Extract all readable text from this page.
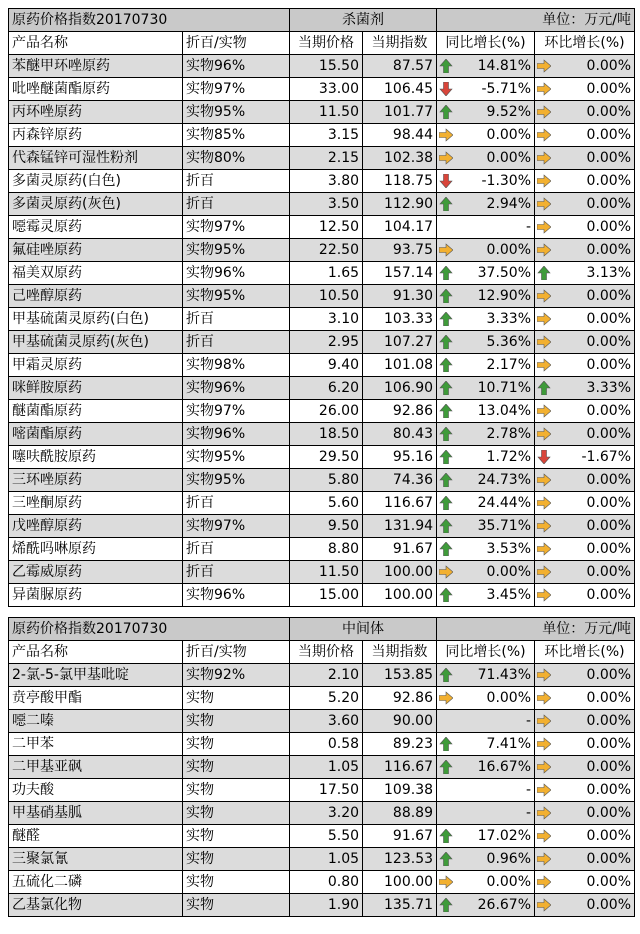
原药价格指数20170730		杀菌剂		单位：万元/吨	
产品名称	折百/实物	当期价格	当期指数	同比增长(%)	环比增长(%)
苯醚甲环唑原药	实物96%	15.50	87.57	14.81%	0.00%
吡唑醚菌酯原药	实物97%	33.00	106.45	-5.71%	0.00%
丙环唑原药	实物95%	11.50	101.77	9.52%	0.00%
丙森锌原药	实物85%	3.15	98.44	0.00%	0.00%
代森锰锌可湿性粉剂	实物80%	2.15	102.38	0.00%	0.00%
多菌灵原药(白色)	折百	3.80	118.75	-1.30%	0.00%
多菌灵原药(灰色)	折百	3.50	112.90	2.94%	0.00%
噁霉灵原药	实物97%	12.50	104.17	-	0.00%
氟硅唑原药	实物95%	22.50	93.75	0.00%	0.00%
福美双原药	实物96%	1.65	157.14	37.50%	3.13%
己唑醇原药	实物95%	10.50	91.30	12.90%	0.00%
甲基硫菌灵原药(白色)	折百	3.10	103.33	3.33%	0.00%
甲基硫菌灵原药(灰色)	折百	2.95	107.27	5.36%	0.00%
甲霜灵原药	实物98%	9.40	101.08	2.17%	0.00%
咪鲜胺原药	实物96%	6.20	106.90	10.71%	3.33%
醚菌酯原药	实物97%	26.00	92.86	13.04%	0.00%
嘧菌酯原药	实物96%	18.50	80.43	2.78%	0.00%
噻呋酰胺原药	实物95%	29.50	95.16	1.72%	-1.67%
三环唑原药	实物95%	5.80	74.36	24.73%	0.00%
三唑酮原药	折百	5.60	116.67	24.44%	0.00%
戊唑醇原药	实物97%	9.50	131.94	35.71%	0.00%
烯酰吗啉原药	折百	8.80	91.67	3.53%	0.00%
乙霉威原药	折百	11.50	100.00	0.00%	0.00%
异菌脲原药	实物96%	15.00	100.00	3.45%	0.00%
原药价格指数20170730		中间体		单位：万元/吨	
产品名称	折百/实物	当期价格	当期指数	同比增长(%)	环比增长(%)
2-氯-5-氯甲基吡啶	实物92%	2.10	153.85	71.43%	0.00%
贲亭酸甲酯	实物	5.20	92.86	0.00%	0.00%
噁二嗪	实物	3.60	90.00	-	0.00%
二甲苯	实物	0.58	89.23	7.41%	0.00%
二甲基亚砜	实物	1.05	116.67	16.67%	0.00%
功夫酸	实物	17.50	109.38	-	0.00%
甲基硝基胍	实物	3.20	88.89	-	0.00%
醚醛	实物	5.50	91.67	17.02%	0.00%
三聚氯氰	实物	1.05	123.53	0.96%	0.00%
五硫化二磷	实物	0.80	100.00	0.00%	0.00%
乙基氯化物	实物	1.90	135.71	26.67%	0.00%
